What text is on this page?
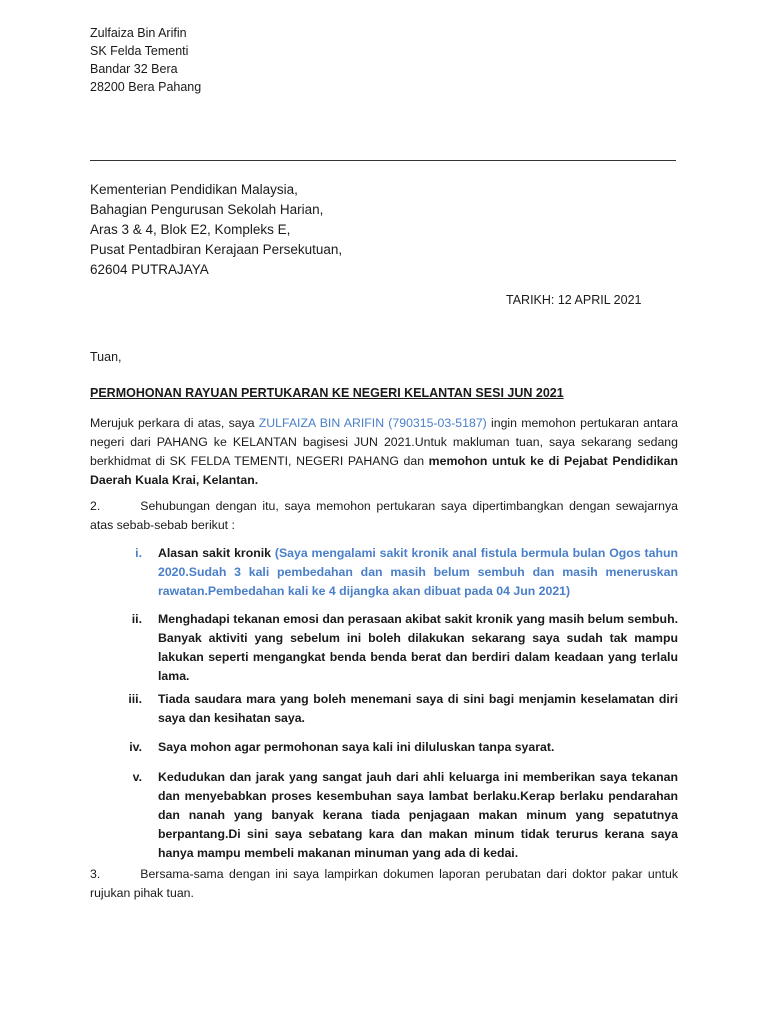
Zulfaiza Bin Arifin
SK Felda Tementi
Bandar 32 Bera
28200 Bera Pahang
Kementerian Pendidikan Malaysia,
Bahagian Pengurusan Sekolah Harian,
Aras 3 & 4, Blok E2, Kompleks E,
Pusat Pentadbiran Kerajaan Persekutuan,
62604 PUTRAJAYA
TARIKH: 12 APRIL 2021
Tuan,
PERMOHONAN RAYUAN PERTUKARAN KE NEGERI KELANTAN SESI JUN 2021
Merujuk perkara di atas, saya ZULFAIZA BIN ARIFIN (790315-03-5187) ingin memohon pertukaran antara negeri dari PAHANG ke KELANTAN bagisesi JUN 2021.Untuk makluman tuan, saya sekarang sedang berkhidmat di SK FELDA TEMENTI, NEGERI PAHANG dan memohon untuk ke di Pejabat Pendidikan Daerah Kuala Krai, Kelantan.
2.	Sehubungan dengan itu, saya memohon pertukaran saya dipertimbangkan dengan sewajarnya atas sebab-sebab berikut :
i. Alasan sakit kronik (Saya mengalami sakit kronik anal fistula bermula bulan Ogos tahun 2020.Sudah 3 kali pembedahan dan masih belum sembuh dan masih meneruskan rawatan.Pembedahan kali ke 4 dijangka akan dibuat pada 04 Jun 2021)
ii. Menghadapi tekanan emosi dan perasaan akibat sakit kronik yang masih belum sembuh. Banyak aktiviti yang sebelum ini boleh dilakukan sekarang saya sudah tak mampu lakukan seperti mengangkat benda benda berat dan berdiri dalam keadaan yang terlalu lama.
iii. Tiada saudara mara yang boleh menemani saya di sini bagi menjamin keselamatan diri saya dan kesihatan saya.
iv. Saya mohon agar permohonan saya kali ini diluluskan tanpa syarat.
v. Kedudukan dan jarak yang sangat jauh dari ahli keluarga ini memberikan saya tekanan dan menyebabkan proses kesembuhan saya lambat berlaku.Kerap berlaku pendarahan dan nanah yang banyak kerana tiada penjagaan makan minum yang sepatutnya berpantang.Di sini saya sebatang kara dan makan minum tidak terurus kerana saya hanya mampu membeli makanan minuman yang ada di kedai.
3.	Bersama-sama dengan ini saya lampirkan dokumen laporan perubatan dari doktor pakar untuk rujukan pihak tuan.
